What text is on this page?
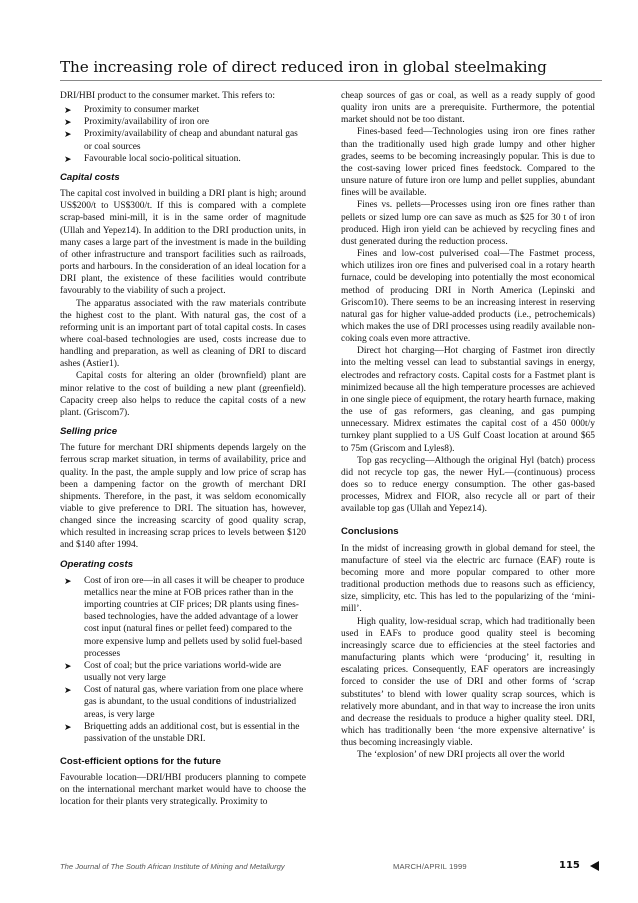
The increasing role of direct reduced iron in global steelmaking

DRI/HBI product to the consumer market. This refers to:

➤ Proximity to consumer market
➤ Proximity/availability of iron ore
➤ Proximity/availability of cheap and abundant natural gas or coal sources
➤ Favourable local socio-political situation.
Capital costs

The capital cost involved in building a DRI plant is high; around US$200/t to US$300/t. If this is compared with a complete scrap-based mini-mill, it is in the same order of magnitude (Ullah and Yepez14). In addition to the DRI production units, in many cases a large part of the investment is made in the building of other infrastructure and transport facilities such as railroads, ports and harbours. In the consideration of an ideal location for a DRI plant, the existence of these facilities would contribute favourably to the viability of such a project.

The apparatus associated with the raw materials contribute the highest cost to the plant. With natural gas, the cost of a reforming unit is an important part of total capital costs. In cases where coal-based technologies are used, costs increase due to handling and preparation, as well as cleaning of DRI to discard ashes (Astier1).

Capital costs for altering an older (brownfield) plant are minor relative to the cost of building a new plant (greenfield). Capacity creep also helps to reduce the capital costs of a new plant. (Griscom7).

Selling price

The future for merchant DRI shipments depends largely on the ferrous scrap market situation, in terms of availability, price and quality. In the past, the ample supply and low price of scrap has been a dampening factor on the growth of merchant DRI shipments. Therefore, in the past, it was seldom economically viable to give preference to DRI. The situation has, however, changed since the increasing scarcity of good quality scrap, which resulted in increasing scrap prices to levels between $120 and $140 after 1994.

Operating costs
➤ Cost of iron ore—in all cases it will be cheaper to produce metallics near the mine at FOB prices rather than in the importing countries at CIF prices; DR plants using fines-based technologies, have the added advantage of a lower cost input (natural fines or pellet feed) compared to the more expensive lump and pellets used by solid fuel-based processes
➤ Cost of coal; but the price variations world-wide are usually not very large
➤ Cost of natural gas, where variation from one place where gas is abundant, to the usual conditions of industrialized areas, is very large
➤ Briquetting adds an additional cost, but is essential in the passivation of the unstable DRI.
Cost-efficient options for the future

Favourable location—DRI/HBI producers planning to compete on the international merchant market would have to choose the location for their plants very strategically. Proximity to

cheap sources of gas or coal, as well as a ready supply of good quality iron units are a prerequisite. Furthermore, the potential market should not be too distant.

Fines-based feed—Technologies using iron ore fines rather than the traditionally used high grade lumpy and other higher grades, seems to be becoming increasingly popular. This is due to the cost-saving lower priced fines feedstock. Compared to the unsure nature of future iron ore lump and pellet supplies, abundant fines will be available.

Fines vs. pellets—Processes using iron ore fines rather than pellets or sized lump ore can save as much as $25 for 30 t of iron produced. High iron yield can be achieved by recycling fines and dust generated during the reduction process.

Fines and low-cost pulverised coal—The Fastmet process, which utilizes iron ore fines and pulverised coal in a rotary hearth furnace, could be developing into potentially the most economical method of producing DRI in North America (Lepinski and Griscom10). There seems to be an increasing interest in reserving natural gas for higher value-added products (i.e., petrochemicals) which makes the use of DRI processes using readily available non-coking coals even more attractive.

Direct hot charging—Hot charging of Fastmet iron directly into the melting vessel can lead to substantial savings in energy, electrodes and refractory costs. Capital costs for a Fastmet plant is minimized because all the high temperature processes are achieved in one single piece of equipment, the rotary hearth furnace, making the use of gas reformers, gas cleaning, and gas pumping unnecessary. Midrex estimates the capital cost of a 450 000t/y turnkey plant supplied to a US Gulf Coast location at around $65 to 75m (Griscom and Lyles8).

Top gas recycling—Although the original Hyl (batch) process did not recycle top gas, the newer HyL—(continuous) process does so to reduce energy consumption. The other gas-based processes, Midrex and FIOR, also recycle all or part of their available top gas (Ullah and Yepez14).

Conclusions

In the midst of increasing growth in global demand for steel, the manufacture of steel via the electric arc furnace (EAF) route is becoming more and more popular compared to other more traditional production methods due to reasons such as efficiency, size, simplicity, etc. This has led to the popularizing of the ‘mini-mill’.

High quality, low-residual scrap, which had traditionally been used in EAFs to produce good quality steel is becoming increasingly scarce due to efficiencies at the steel factories and manufacturing plants which were ‘producing’ it, resulting in escalating prices. Consequently, EAF operators are increasingly forced to consider the use of DRI and other forms of ‘scrap substitutes’ to blend with lower quality scrap sources, which is relatively more abundant, and in that way to increase the iron units and decrease the residuals to produce a higher quality steel. DRI, which has traditionally been ‘the more expensive alternative’ is thus becoming increasingly viable.

The ‘explosion’ of new DRI projects all over the world

The Journal of The South African Institute of Mining and Metallurgy	MARCH/APRIL 1999	115
